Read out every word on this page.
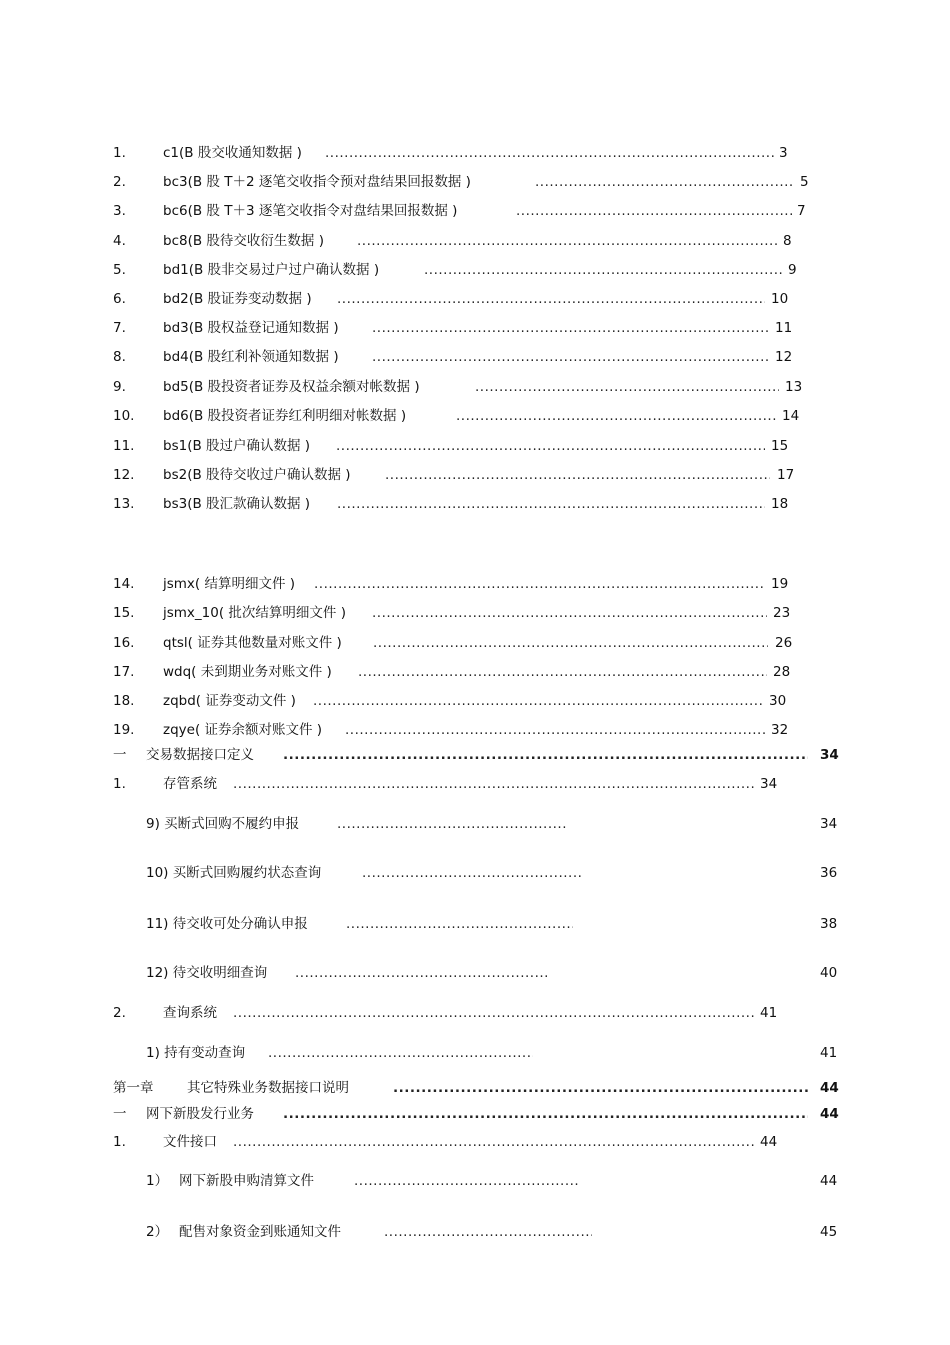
1.	c1(B 股交收通知数据 ) .....	3
2.	bc3(B 股 T＋2 逐笔交收指令预对盘结果回报数据 ) .....	5
3.	bc6(B 股 T＋3 逐笔交收指令对盘结果回报数据 ) .....	7
4.	bc8(B 股待交收衍生数据 ) .....	8
5.	bd1(B 股非交易过户过户确认数据 ) .....	9
6.	bd2(B 股证券变动数据 ) .....	10
7.	bd3(B 股权益登记通知数据 ) .....	11
8.	bd4(B 股红利补领通知数据 ) .....	12
9.	bd5(B 股投资者证券及权益余额对帐数据 ) .....	13
10. bd6(B 股投资者证券红利明细对帐数据 ) .....	14
11. bs1(B 股过户确认数据 ) .....	15
12. bs2(B 股待交收过户确认数据 ) .....	17
13. bs3(B 股汇款确认数据 ) .....	18
14. jsmx( 结算明细文件 ) .....	19
15. jsmx_10( 批次结算明细文件 ) .....	23
16. qtsl( 证券其他数量对账文件 ) .....	26
17. wdq( 未到期业务对账文件 ) .....	28
18. zqbd( 证券变动文件 ) .....	30
19. zqye( 证券余额对账文件 ) .....	32
一 交易数据接口定义 .....	34
1.	存管系统 .....	34
9) 买断式回购不履约申报 .....	34
10) 买断式回购履约状态查询 .....	36
11) 待交收可处分确认申报 .....	38
12) 待交收明细查询 .....	40
2.	查询系统 .....	41
1) 持有变动查询 .....	41
第一章 其它特殊业务数据接口说明 .....	44
一 网下新股发行业务 .....	44
1.	文件接口 .....	44
1） 网下新股申购清算文件 .....	44
2） 配售对象资金到账通知文件 .....	45
